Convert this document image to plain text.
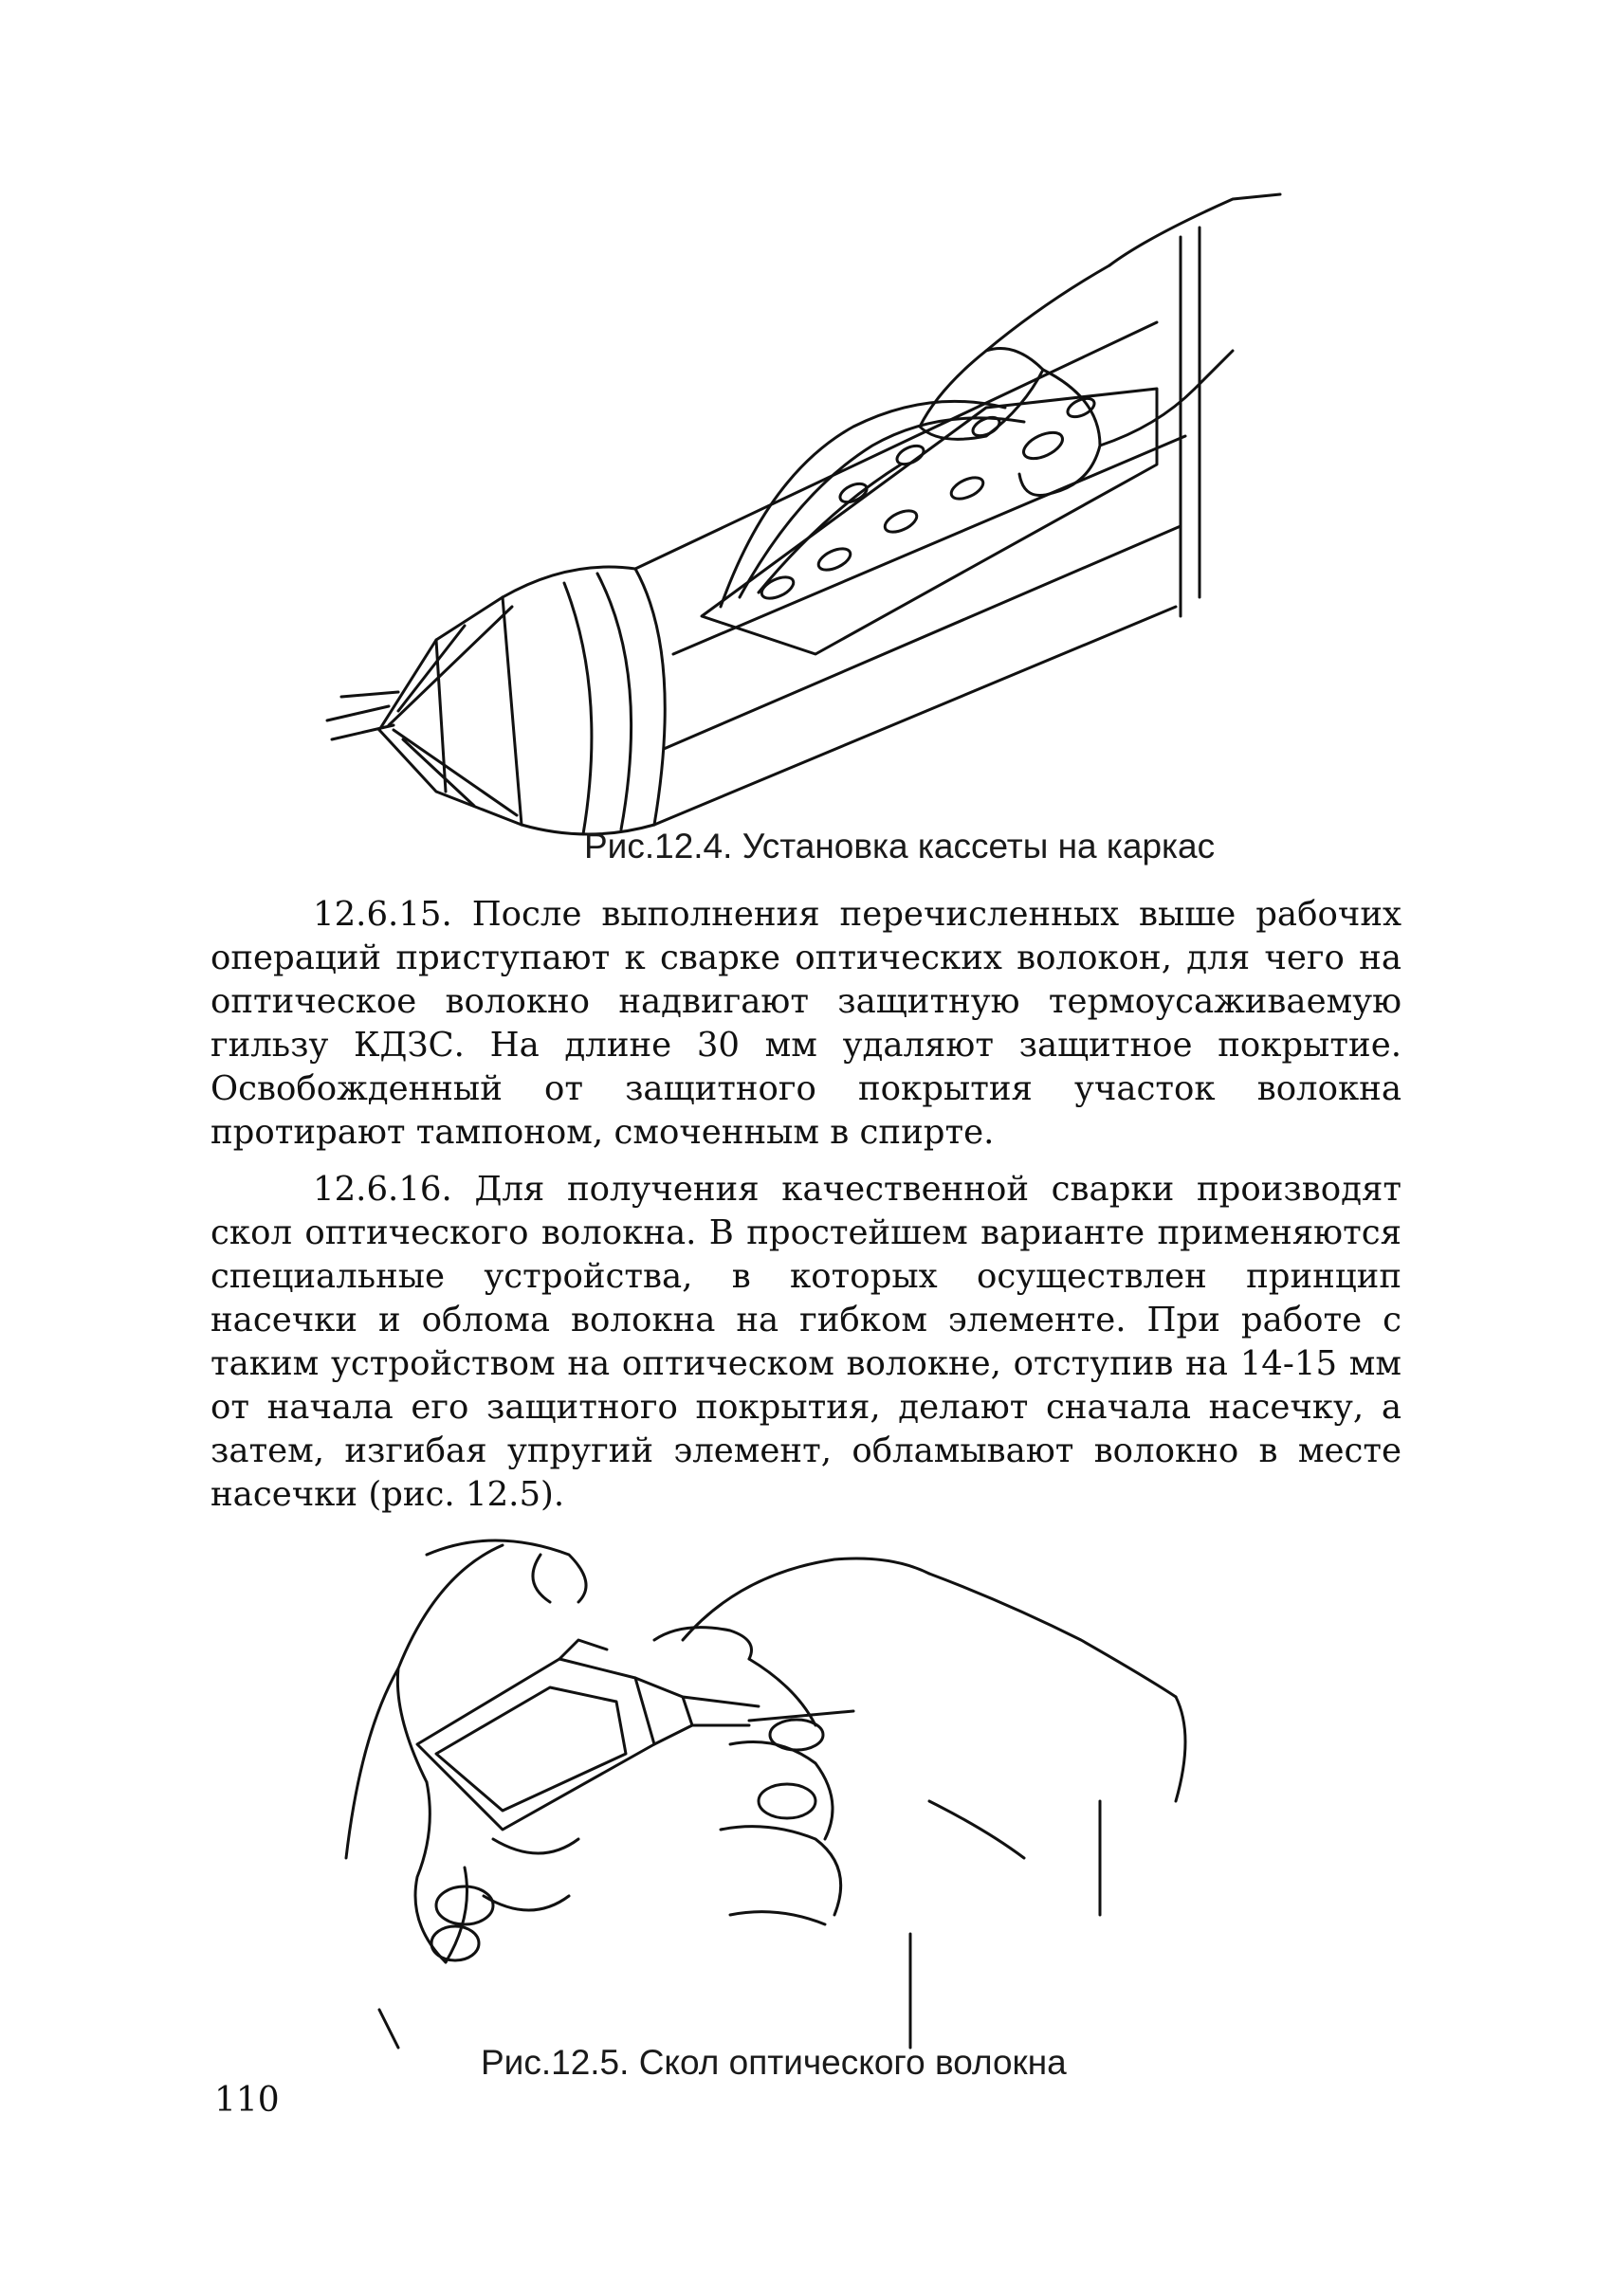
Рис.12.4. Установка кассеты на каркас

12.6.15. После выполнения перечисленных выше рабочих операций приступают к сварке оптических волокон, для чего на оптическое волокно надвигают защитную термоусаживаемую гильзу КДЗС. На длине 30 мм удаляют защитное покрытие. Освобожденный от защитного покрытия участок волокна протирают тампоном, смоченным в спирте.

12.6.16. Для получения качественной сварки производят скол оптического волокна. В простейшем варианте применяются специальные устройства, в которых осуществлен принцип насечки и облома волокна на гибком элементе. При работе с таким устройством на оптическом волокне, отступив на 14-15 мм от начала его защитного покрытия, делают сначала насечку, а затем, изгибая упругий элемент, обламывают волокно в месте насечки (рис. 12.5).

Рис.12.5. Скол оптического волокна
110
